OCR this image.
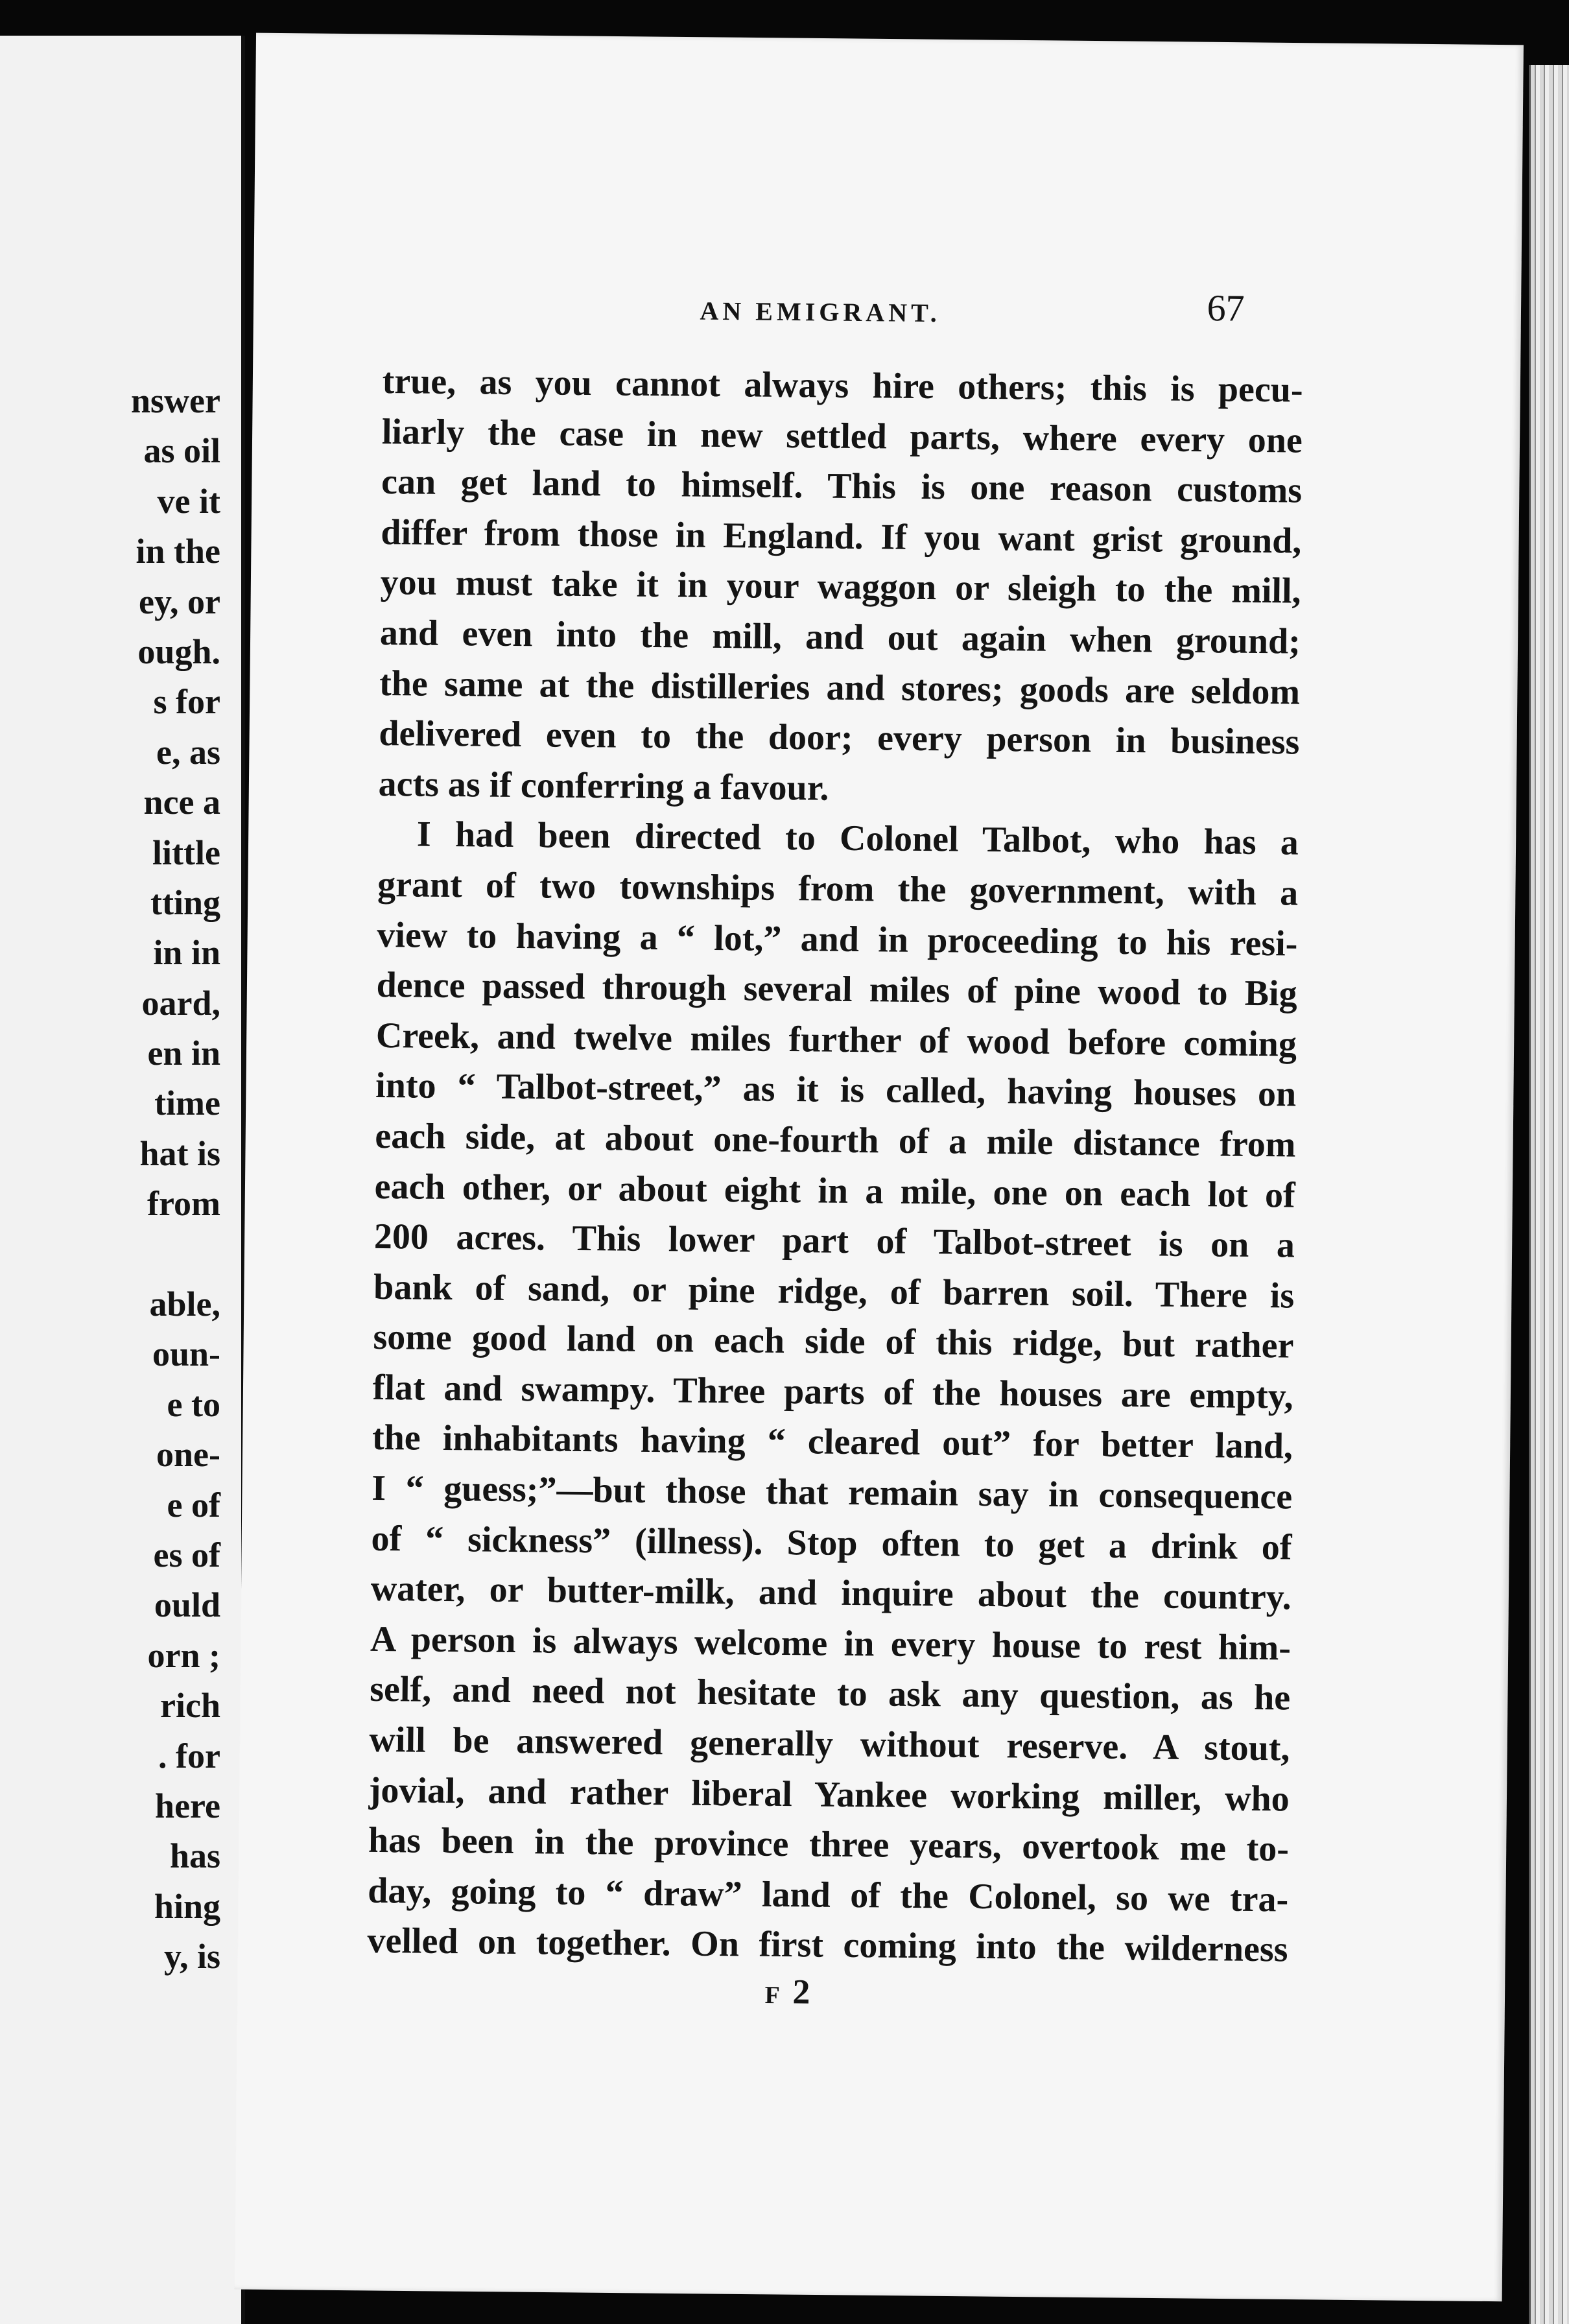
nswer
as oil
ve it
in the
ey, or
ough.
s for
e, as
nce a
little
tting
in in
oard,
en in
time
hat is
from
able,
oun-
e to
one-
e of
es of
ould
orn ;
rich
. for
here
has
hing
y, is
AN EMIGRANT.	67
true, as you cannot always hire others; this is pecu-
liarly the case in new settled parts, where every one
can get land to himself. This is one reason customs
differ from those in England. If you want grist ground,
you must take it in your waggon or sleigh to the mill,
and even into the mill, and out again when ground;
the same at the distilleries and stores; goods are seldom
delivered even to the door; every person in business
acts as if conferring a favour.
I had been directed to Colonel Talbot, who has a
grant of two townships from the government, with a
view to having a “ lot,” and in proceeding to his resi-
dence passed through several miles of pine wood to Big
Creek, and twelve miles further of wood before coming
into “ Talbot-street,” as it is called, having houses on
each side, at about one-fourth of a mile distance from
each other, or about eight in a mile, one on each lot of
200 acres. This lower part of Talbot-street is on a
bank of sand, or pine ridge, of barren soil. There is
some good land on each side of this ridge, but rather
flat and swampy. Three parts of the houses are empty,
the inhabitants having “ cleared out” for better land,
I “ guess;”—but those that remain say in consequence
of “ sickness” (illness). Stop often to get a drink of
water, or butter-milk, and inquire about the country.
A person is always welcome in every house to rest him-
self, and need not hesitate to ask any question, as he
will be answered generally without reserve. A stout,
jovial, and rather liberal Yankee working miller, who
has been in the province three years, overtook me to-
day, going to “ draw” land of the Colonel, so we tra-
velled on together. On first coming into the wilderness
F 2
